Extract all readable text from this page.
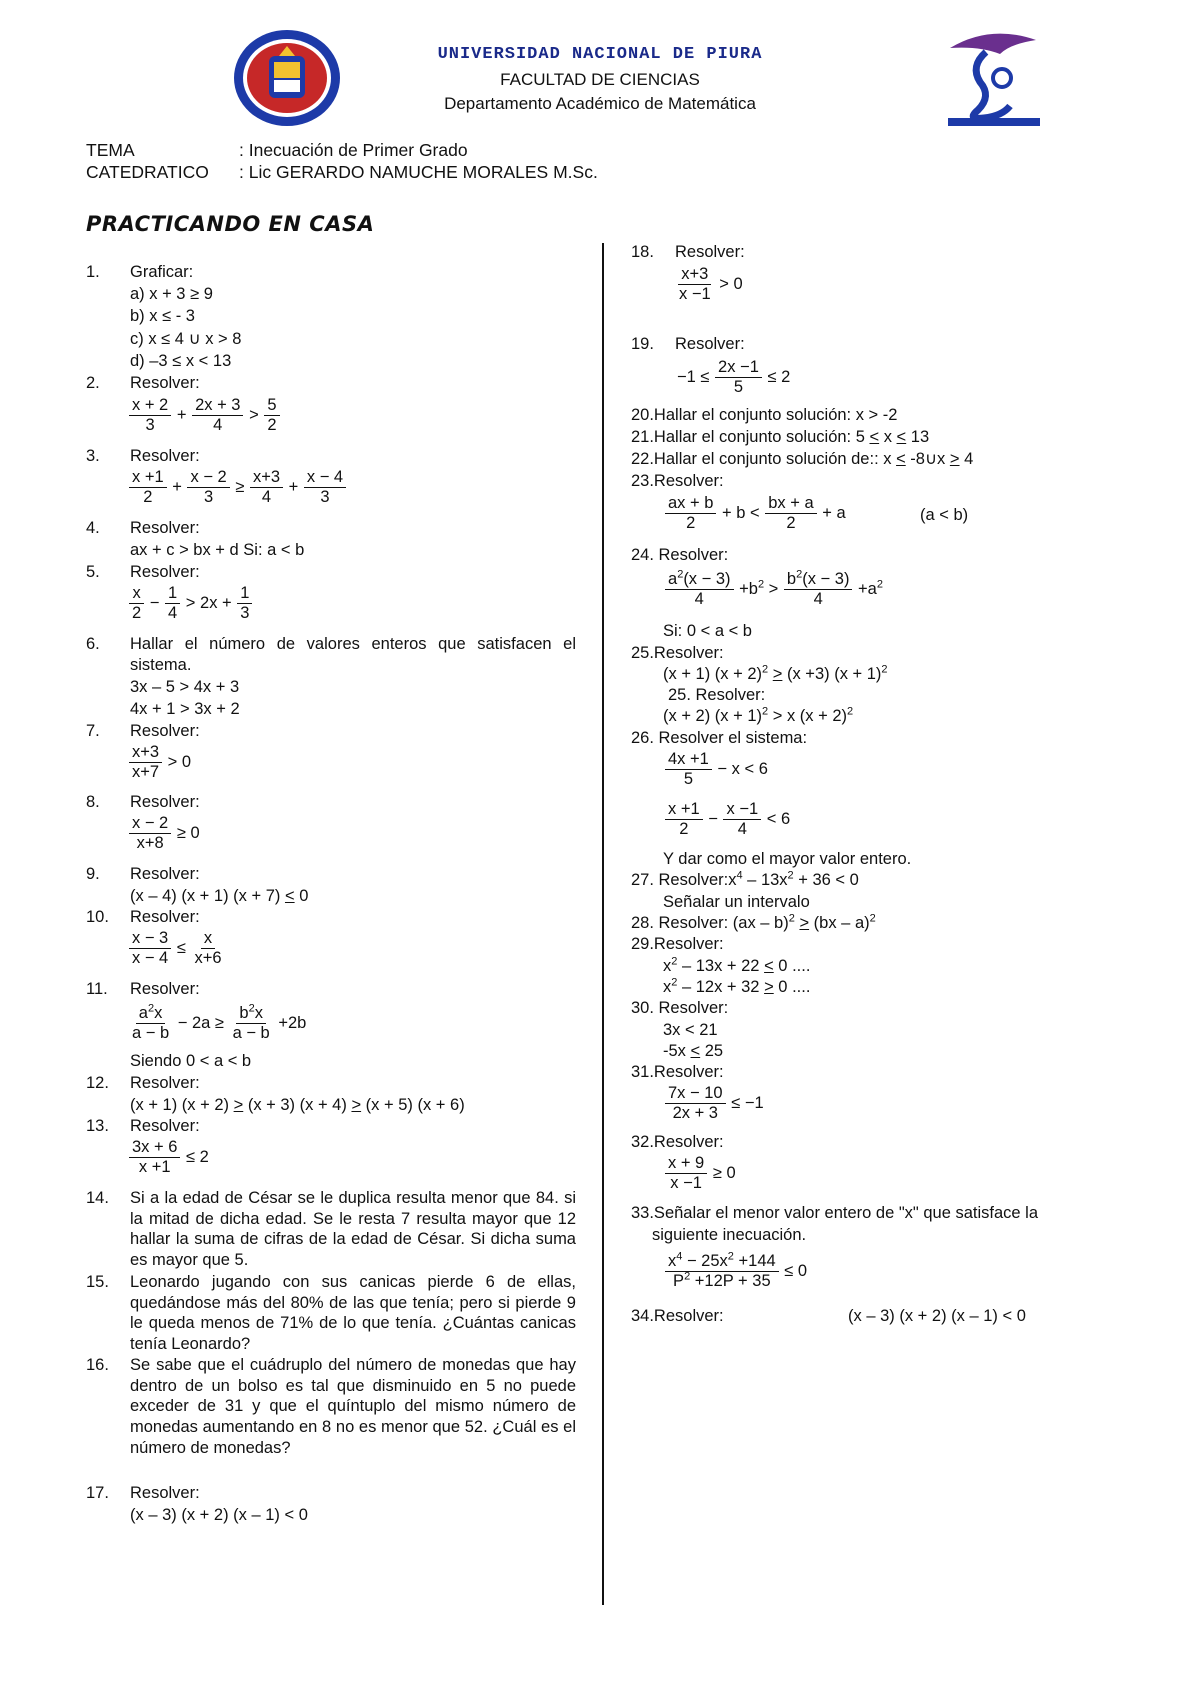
UNIVERSIDAD NACIONAL DE PIURA
FACULTAD DE CIENCIAS
Departamento Académico de Matemática
TEMA	: Inecuación de Primer Grado
CATEDRATICO : Lic GERARDO NAMUCHE MORALES M.Sc.
PRACTICANDO EN CASA
1. Graficar:
a) x + 3 ≥ 9
b) x ≤ - 3
c) x ≤ 4 ∪ x > 8
d) –3 ≤ x < 13
2. Resolver:
$\frac{x + 2}{3} + \frac{2x + 3}{4} > \frac{5}{2}$
3. Resolver:
$\frac{x +1}{2} + \frac{x - 2}{3} \ge \frac{x+3}{4} + \frac{x - 4}{3}$
4. Resolver:
ax + c > bx + d Si: a < b
5. Resolver:
$\frac{x}{2} - \frac{1}{4} > 2x + \frac{1}{3}$
6. Hallar el número de valores enteros que satisfacen el sistema.
3x – 5 > 4x + 3
4x + 1 > 3x + 2
7. Resolver:
$\frac{x+3}{x+7} > 0$
8. Resolver:
$\frac{x - 2}{x+8} \ge 0$
9. Resolver:
(x – 4) (x + 1) (x + 7) < 0
10. Resolver:
$\frac{x - 3}{x - 4} \le \frac{x}{x+6}$
11. Resolver:
$\frac{a^2x}{a - b} - 2a \ge \frac{b^2x}{a - b} +2b$
Siendo 0 < a < b
12. Resolver:
(x + 1) (x + 2) > (x + 3) (x + 4) > (x + 5) (x + 6)
13. Resolver:
$\frac{3x + 6}{x +1} \le 2$
14. Si a la edad de César se le duplica resulta menor que 84. si la mitad de dicha edad. Se le resta 7 resulta mayor que 12 hallar la suma de cifras de la edad de César. Si dicha suma es mayor que 5.
15. Leonardo jugando con sus canicas pierde 6 de ellas, quedándose más del 80% de las que tenía; pero si pierde 9 le queda menos de 71% de lo que tenía. ¿Cuántas canicas tenía Leonardo?
16. Se sabe que el cuádruplo del número de monedas que hay dentro de un bolso es tal que disminuido en 5 no puede exceder de 31 y que el quíntuplo del mismo número de monedas aumentando en 8 no es menor que 52. ¿Cuál es el número de monedas?
17. Resolver:
(x – 3) (x + 2) (x – 1) < 0
18. Resolver:
$\frac{x+3}{x -1} > 0$
19. Resolver:
$-1 \le \frac{2x -1}{5} \le 2$
20.Hallar el conjunto solución: x > -2
21.Hallar el conjunto solución: 5 < x < 13
22.Hallar el conjunto solución de:: x < -8∪x > 4
23.Resolver:
$\frac{ax + b}{2} + b < \frac{bx + a}{2} + a$	(a < b)
24. Resolver:
$\frac{a^2(x - 3)}{4} +b^2 > \frac{b^2(x - 3)}{4} +a^2$
Si: 0 < a < b
25.Resolver:
(x + 1) $(x + 2)^2 > (x +3)$ $(x + 1)^2$
25. Resolver:
(x + 2) $(x + 1)^2 > x$ $(x + 2)^2$
26. Resolver el sistema:
$\frac{4x +1}{5} - x < 6$
$\frac{x +1}{2} - \frac{x -1}{4} < 6$
Y dar como el mayor valor entero.
27. $Resolver:x^4 - 13x^2 + 36 < 0$
Señalar un intervalo
28. Resolver: (ax – b)$^2$ > (bx – a)$^2$
29.Resolver:
$x^2 - 13x + 22 < 0$ ....
$x^2 - 12x + 32 > 0$ ....
30. Resolver:
3x < 21
-5x < 25
31.Resolver:
$\frac{7x - 10}{2x + 3} \le -1$
32.Resolver:
$\frac{x + 9}{x -1} \ge 0$
33.Señalar el menor valor entero de "x" que satisface la
siguiente inecuación.
$\frac{x^4 - 25x^2 +144}{P^2 +12P + 35} \le 0$
34.Resolver:	(x – 3) (x + 2) (x – 1) < 0
